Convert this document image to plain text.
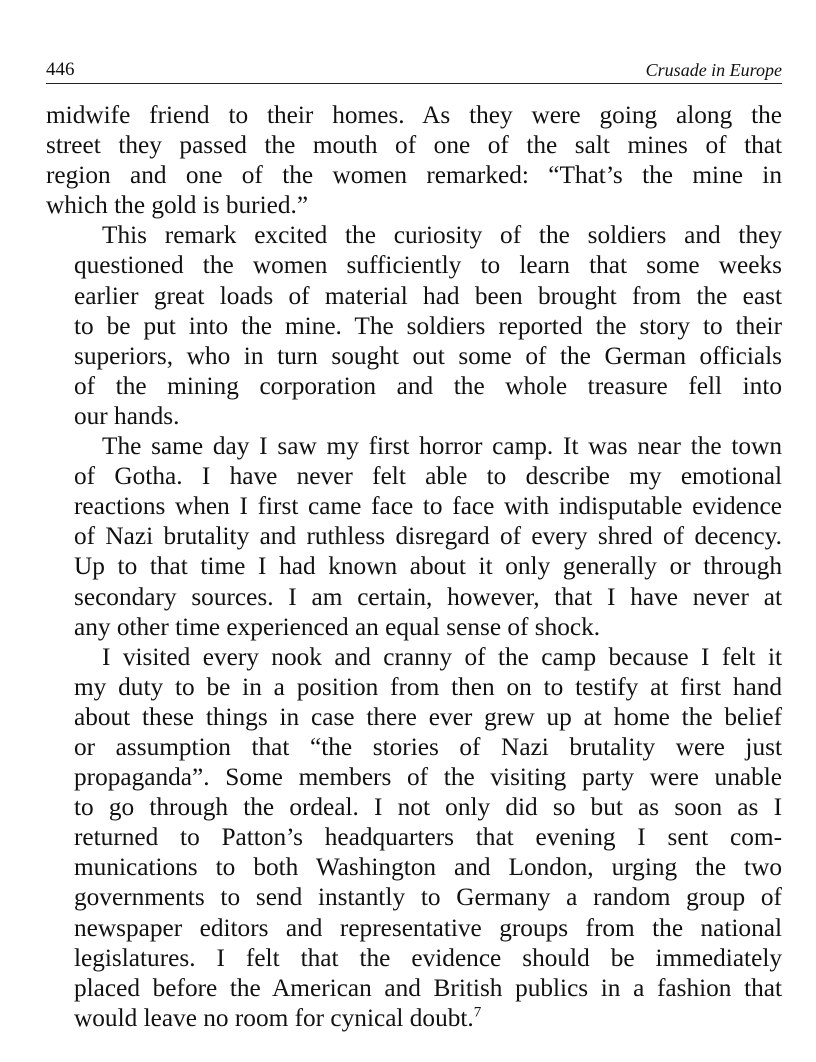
446	Crusade in Europe

midwife friend to their homes. As they were going along the
street they passed the mouth of one of the salt mines of that
region and one of the women remarked: “That’s the mine in
which the gold is buried.”

This remark excited the curiosity of the soldiers and they
questioned the women sufficiently to learn that some weeks
earlier great loads of material had been brought from the east
to be put into the mine. The soldiers reported the story to their
superiors, who in turn sought out some of the German officials
of the mining corporation and the whole treasure fell into
our hands.

The same day I saw my first horror camp. It was near the town
of Gotha. I have never felt able to describe my emotional
reactions when I first came face to face with indisputable evidence
of Nazi brutality and ruthless disregard of every shred of decency.
Up to that time I had known about it only generally or through
secondary sources. I am certain, however, that I have never at
any other time experienced an equal sense of shock.

I visited every nook and cranny of the camp because I felt it
my duty to be in a position from then on to testify at first hand
about these things in case there ever grew up at home the belief
or assumption that “the stories of Nazi brutality were just
propaganda”. Some members of the visiting party were unable
to go through the ordeal. I not only did so but as soon as I
returned to Patton’s headquarters that evening I sent com-
munications to both Washington and London, urging the two
governments to send instantly to Germany a random group of
newspaper editors and representative groups from the national
legislatures. I felt that the evidence should be immediately
placed before the American and British publics in a fashion that
would leave no room for cynical doubt.$^7$
